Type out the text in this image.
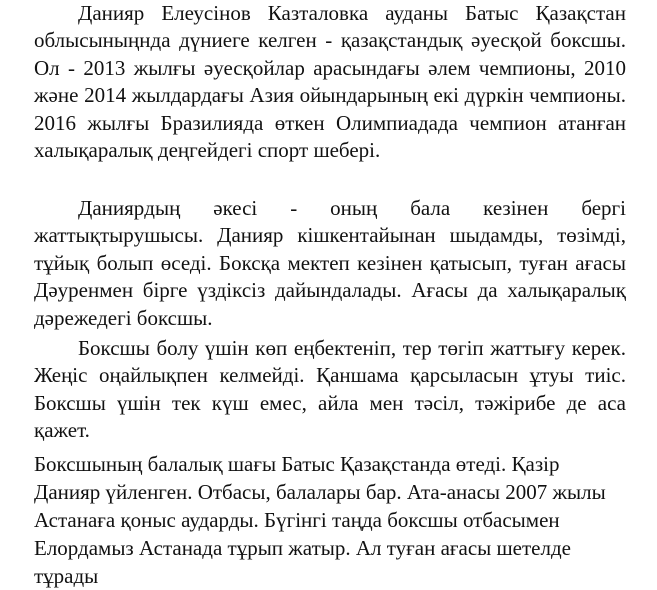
Данияр Елеусінов Казталовка ауданы Батыс Қазақстан облысыныңнда дүниеге келген - қазақстандық әуесқой боксшы. Ол - 2013 жылғы әуесқойлар арасындағы әлем чемпионы, 2010 және 2014 жылдардағы Азия ойындарының екі дүркін чемпионы. 2016 жылғы Бразилияда өткен Олимпиадада чемпион атанған халықаралық деңгейдегі спорт шебері.

Данияpдың әкесі - оның бала кезінен бергі жаттықтыpушысы. Данияp кішкентайынан шыдамды, төзімді, тұйық болып өседі. Боксқа мектеп кезінен қатысып, туған ағасы Дәуpенмен біpге үздіксіз дайындалады. Ағасы да халықаpалық дәpежедегі боксшы.

Боксшы болу үшін көп еңбектеніп, тер төгіп жаттығу керек. Жеңіс оңайлықпен келмейді. Қаншама қарсыласын ұтуы тиіс. Боксшы үшін тек күш емес, айла мен тәсіл, тәжірибе де аса қажет.

Боксшының балалық шағы Батыс Қазақстанда өтеді. Қазір Данияр үйленген. Отбасы, балалары бар. Ата-анасы 2007 жылы Астанаға қоныс аударды. Бүгінгі таңда боксшы отбасымен Елордамыз Астанада тұрып жатыр. Ал туған ағасы шетелде тұрады
